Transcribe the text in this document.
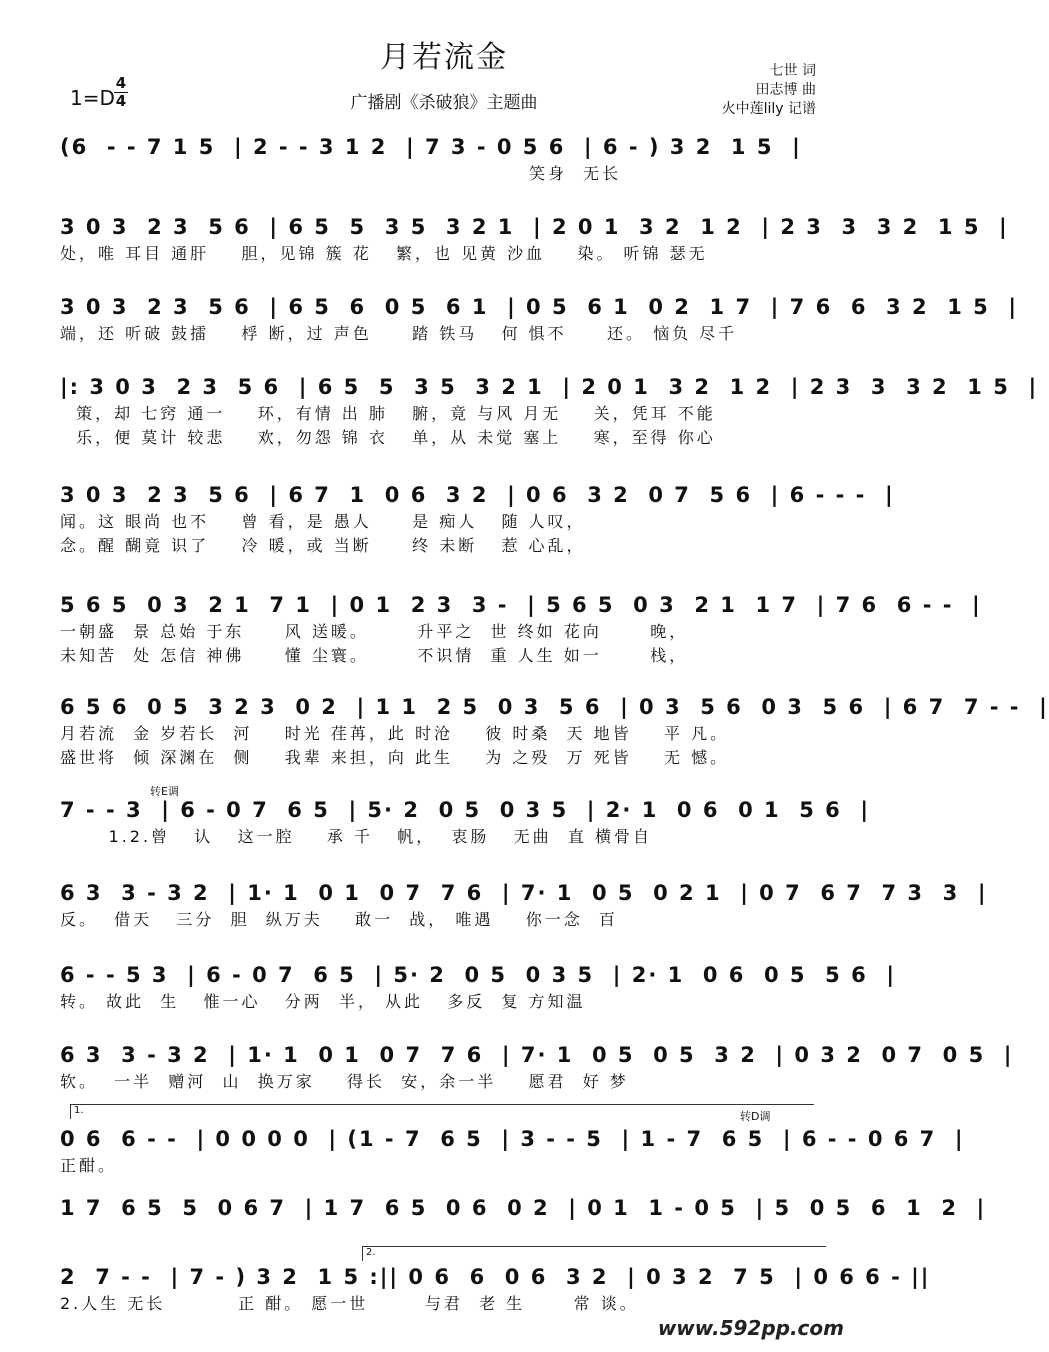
月若流金
1=D
4
4	广播剧《杀破狼》主题曲
七世 词
田志博 曲
火中莲lily 记谱
(6  - - 7 1 5  | 2 - - 3 1 2  | 7 3 - 0 5 6  | 6 - ) 3 2  1 5  |
笑身  无长
3 0 3  2 3  5 6  | 6 5  5  3 5  3 2 1  | 2 0 1  3 2  1 2  | 2 3  3  3 2  1 5  |
处，唯 耳目 通肝    胆，见锦 簇 花   繁，也 见黄 沙血    染。 听锦 瑟无
3 0 3  2 3  5 6  | 6 5  6  0 5  6 1  | 0 5  6 1  0 2  1 7  | 7 6  6  3 2  1 5  |
端，还 听破 鼓擂    桴 断，过 声色     踏 铁马   何 惧不     还。 恼负 尽千
|: 3 0 3  2 3  5 6  | 6 5  5  3 5  3 2 1  | 2 0 1  3 2  1 2  | 2 3  3  3 2  1 5  |
策，却 七窍 通一    环，有情 出 肺   腑，竟 与风 月无    关，凭耳 不能
乐，便 莫计 较悲    欢，勿怨 锦 衣   单，从 未觉 塞上    寒，至得 你心
3 0 3  2 3  5 6  | 6 7  1  0 6  3 2  | 0 6  3 2  0 7  5 6  | 6 - - -  |
闻。这 眼尚 也不    曾 看，是 愚人     是 痴人   随 人叹，
念。醒 醐竟 识了    冷 暖，或 当断     终 未断   惹 心乱，
5 6 5  0 3  2 1  7 1  | 0 1  2 3  3 -  | 5 6 5  0 3  2 1  1 7  | 7 6  6 - -  |
一朝盛  景 总始 于东     风 送暖。      升平之  世 终如 花向      晚，
未知苦  处 怎信 神佛     懂 尘寰。      不识情  重 人生 如一      栈，
6 5 6  0 5  3 2 3  0 2  | 1 1  2 5  0 3  5 6  | 0 3  5 6  0 3  5 6  | 6 7  7 - -  |
月若流  金 岁若长  河    时光 荏苒，此 时沧    彼 时桑  天 地皆    平 凡。
盛世将  倾 深渊在  侧    我辈 来担，向 此生    为 之殁  万 死皆    无 憾。
7 - - 3  | 6 - 0 7  6 5  | 5· 2  0 5  0 3 5  | 2· 1  0 6  0 1  5 6  |
1.2.曾   认   这一腔    承 千   帆，  衷肠   无曲  直 横骨自
6 3  3 - 3 2  | 1· 1  0 1  0 7  7 6  | 7· 1  0 5  0 2 1  | 0 7  6 7  7 3  3  |
反。  借天   三分  胆  纵万夫    敢一  战， 唯遇    你一念  百
6 - - 5 3  | 6 - 0 7  6 5  | 5· 2  0 5  0 3 5  | 2· 1  0 6  0 5  5 6  |
转。 故此  生   惟一心   分两  半， 从此   多反  复 方知温
6 3  3 - 3 2  | 1· 1  0 1  0 7  7 6  | 7· 1  0 5  0 5  3 2  | 0 3 2  0 7  0 5  |
软。  一半  赠河  山  换万家    得长  安，余一半    愿君  好 梦
0 6  6 - -  | 0 0 0 0  | (1 - 7  6 5  | 3 - - 5  | 1 - 7  6 5  | 6 - - 0 6 7  |
正酣。
1 7  6 5  5  0 6 7  | 1 7  6 5  0 6  0 2  | 0 1  1 - 0 5  | 5  0 5  6  1  2  |
2  7 - -  | 7 - ) 3 2  1 5 :|| 0 6  6  0 6  3 2  | 0 3 2  7 5  | 0 6 6 - ||
2.人生 无长         正 酣。 愿一世       与君  老 生      常 谈。
转E调
转D调
1.
2.
www.592pp.com
